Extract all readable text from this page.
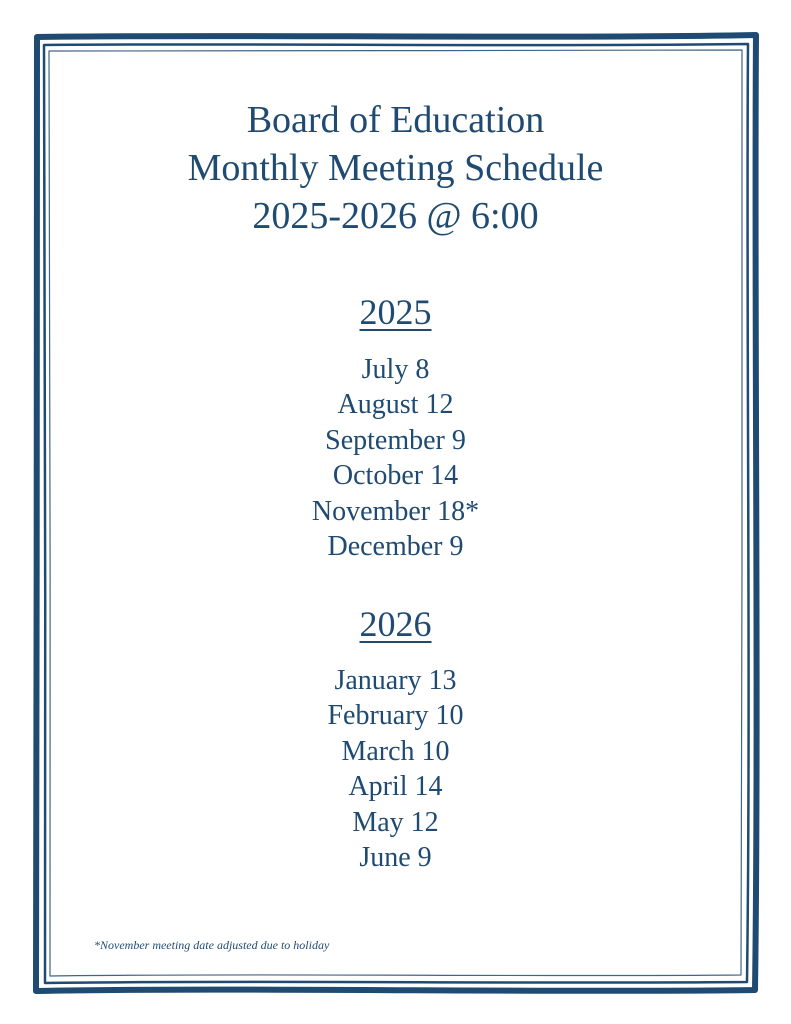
Board of Education
Monthly Meeting Schedule
2025-2026 @ 6:00
2025
July 8
August 12
September 9
October 14
November 18*
December 9
2026
January 13
February 10
March 10
April 14
May 12
June 9
*November meeting date adjusted due to holiday
